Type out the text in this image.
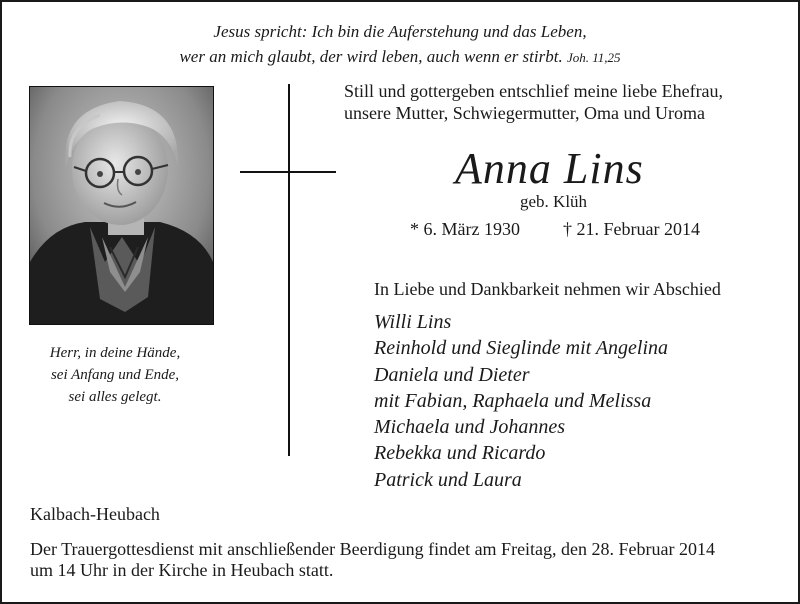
Jesus spricht: Ich bin die Auferstehung und das Leben,
wer an mich glaubt, der wird leben, auch wenn er stirbt. Joh. 11,25
Still und gottergeben entschlief meine liebe Ehefrau,
unsere Mutter, Schwiegermutter, Oma und Uroma
Anna Lins
geb. Klüh
* 6. März 1930 † 21. Februar 2014
In Liebe und Dankbarkeit nehmen wir Abschied
Willi Lins
Reinhold und Sieglinde mit Angelina
Daniela und Dieter
mit Fabian, Raphaela und Melissa
Michaela und Johannes
Rebekka und Ricardo
Patrick und Laura
Herr, in deine Hände,
sei Anfang und Ende,
sei alles gelegt.
Kalbach-Heubach
Der Trauergottesdienst mit anschließender Beerdigung findet am Freitag, den 28. Februar 2014
um 14 Uhr in der Kirche in Heubach statt.
